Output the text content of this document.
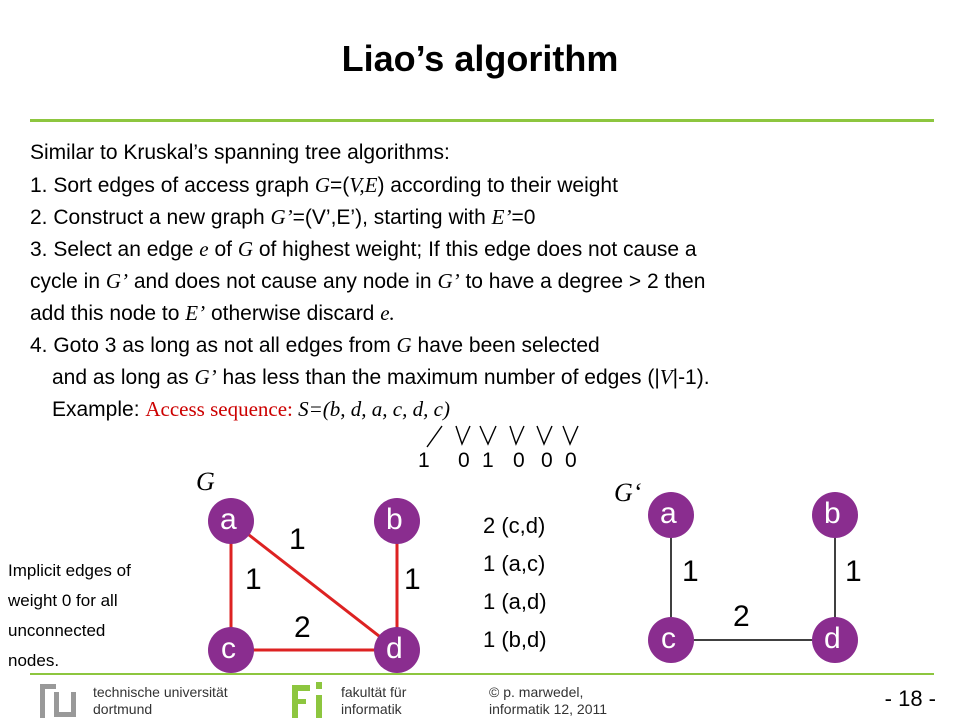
Liao’s algorithm
Similar to Kruskal’s spanning tree algorithms:
1. Sort edges of access graph G=(V,E) according to their weight
2. Construct a new graph G’=(V’,E’), starting with E’=0
3. Select an edge e of G of highest weight; If this edge does not cause a
cycle in G’ and does not cause any node in G’ to have a degree > 2 then
add this node to E’ otherwise discard e.
4. Goto 3 as long as not all edges from G have been selected
and as long as G’ has less than the maximum number of edges (|V|-1).
Example: Access sequence: S=(b, d, a, c, d, c)
1 0 1 0 0 0
G
a	b
c	d
1
1
1
2
2 (c,d)
1 (a,c)
1 (a,d)
1 (b,d)
G‘
a	b
c	d
1	1
2
Implicit edges of
weight 0 for all
unconnected
nodes.
technische universität
dortmund
fakultät für
informatik
© p. marwedel,
informatik 12, 2011	- 18 -
